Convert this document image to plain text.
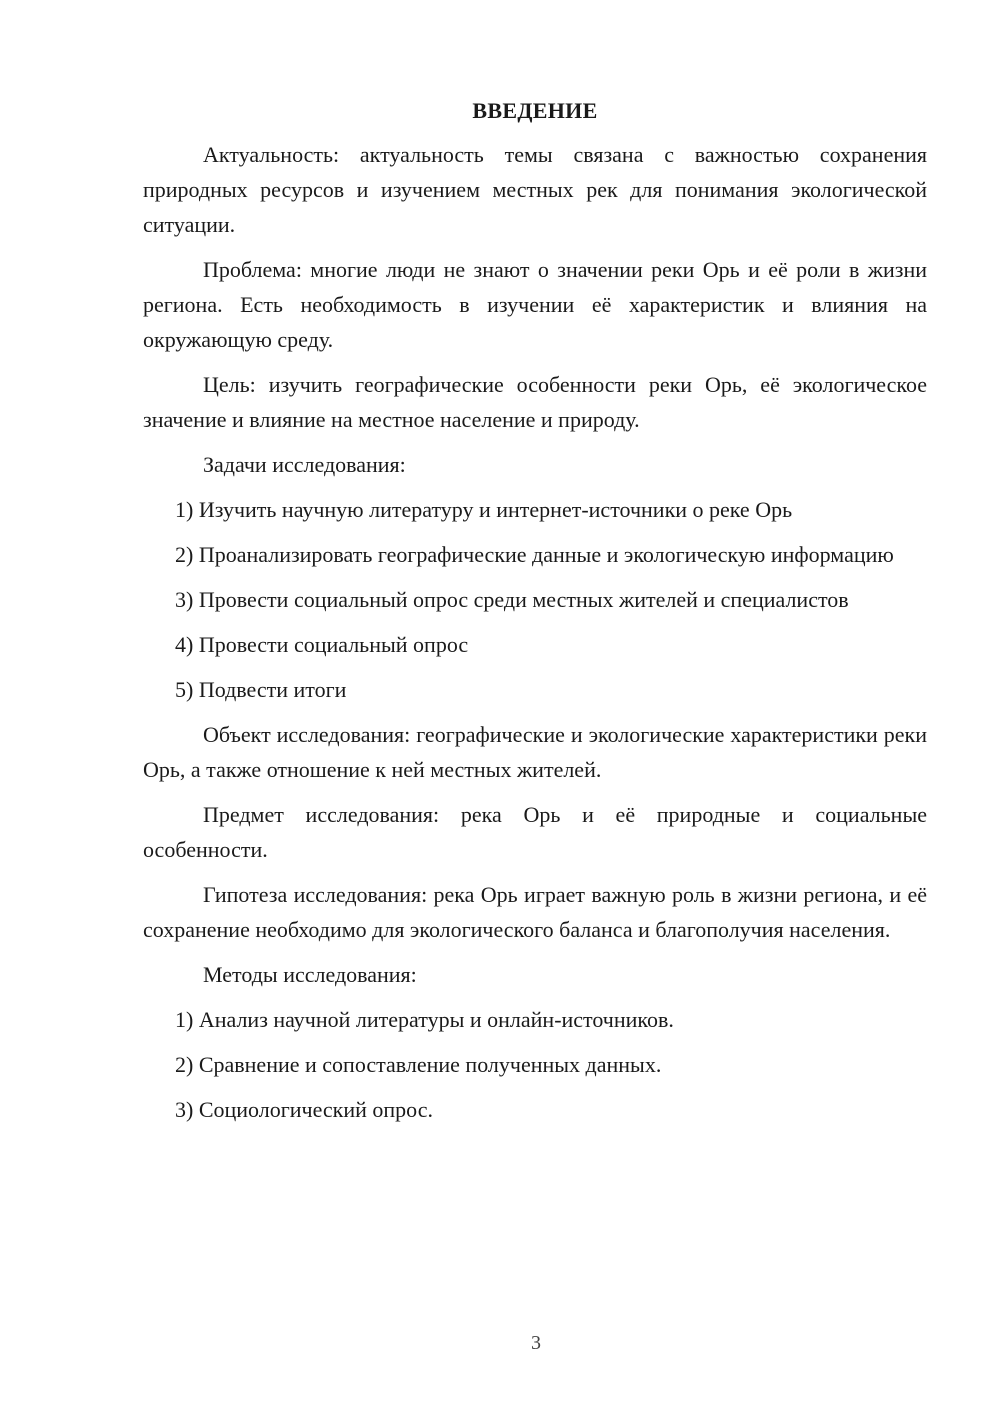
ВВЕДЕНИЕ

Актуальность: актуальность темы связана с важностью сохранения природных ресурсов и изучением местных рек для понимания экологической ситуации.

Проблема: многие люди не знают о значении реки Орь и её роли в жизни региона. Есть необходимость в изучении её характеристик и влияния на окружающую среду.

Цель: изучить географические особенности реки Орь, её экологическое значение и влияние на местное население и природу.

Задачи исследования:

1) Изучить научную литературу и интернет-источники о реке Орь

2) Проанализировать географические данные и экологическую информацию

3) Провести социальный опрос среди местных жителей и специалистов

4) Провести социальный опрос

5) Подвести итоги

Объект исследования: географические и экологические характеристики реки Орь, а также отношение к ней местных жителей.

Предмет исследования: река Орь и её природные и социальные особенности.

Гипотеза исследования: река Орь играет важную роль в жизни региона, и её сохранение необходимо для экологического баланса и благополучия населения.

Методы исследования:

1) Анализ научной литературы и онлайн-источников.

2) Сравнение и сопоставление полученных данных.

3) Социологический опрос.

3
